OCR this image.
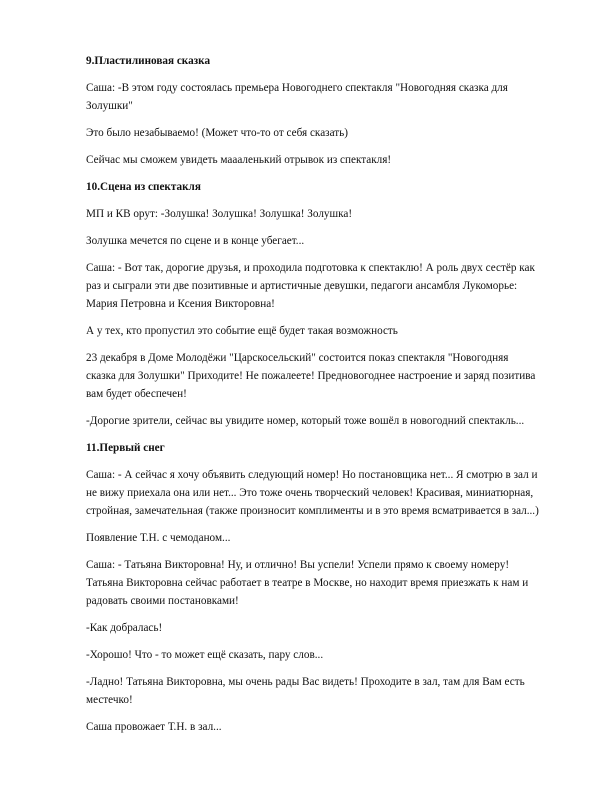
9.Пластилиновая сказка
Саша: -В этом году состоялась премьера Новогоднего спектакля "Новогодняя сказка для
Золушки"
Это было незабываемо! (Может что-то от себя сказать)
Сейчас мы сможем увидеть маааленький отрывок из спектакля!
10.Сцена из спектакля
МП и КВ орут: -Золушка! Золушка! Золушка! Золушка!
Золушка мечется по сцене и в конце убегает...
Саша: - Вот так, дорогие друзья, и проходила подготовка к спектаклю! А роль двух сестёр как
раз и сыграли эти две позитивные и артистичные девушки, педагоги ансамбля Лукоморье:
Мария Петровна и Ксения Викторовна!
А у тех, кто пропустил это событие ещё будет такая возможность
23 декабря в Доме Молодёжи "Царскосельский" состоится показ спектакля "Новогодняя
сказка для Золушки" Приходите! Не пожалеете! Предновогоднее настроение и заряд позитива
вам будет обеспечен!
-Дорогие зрители, сейчас вы увидите номер, который тоже вошёл в новогодний спектакль...
11.Первый снег
Саша: - А сейчас я хочу объявить следующий номер! Но постановщика нет... Я смотрю в зал и
не вижу приехала она или нет... Это тоже очень творческий человек! Красивая, миниатюрная,
стройная, замечательная (также произносит комплименты и в это время всматривается в зал...)
Появление Т.Н. с чемоданом...
Саша: - Татьяна Викторовна! Ну, и отлично! Вы успели! Успели прямо к своему номеру!
Татьяна Викторовна сейчас работает в театре в Москве, но находит время приезжать к нам и
радовать своими постановками!
-Как добралась!
-Хорошо! Что - то может ещё сказать, пару слов...
-Ладно! Татьяна Викторовна, мы очень рады Вас видеть! Проходите в зал, там для Вам есть
местечко!
Саша провожает Т.Н. в зал...
